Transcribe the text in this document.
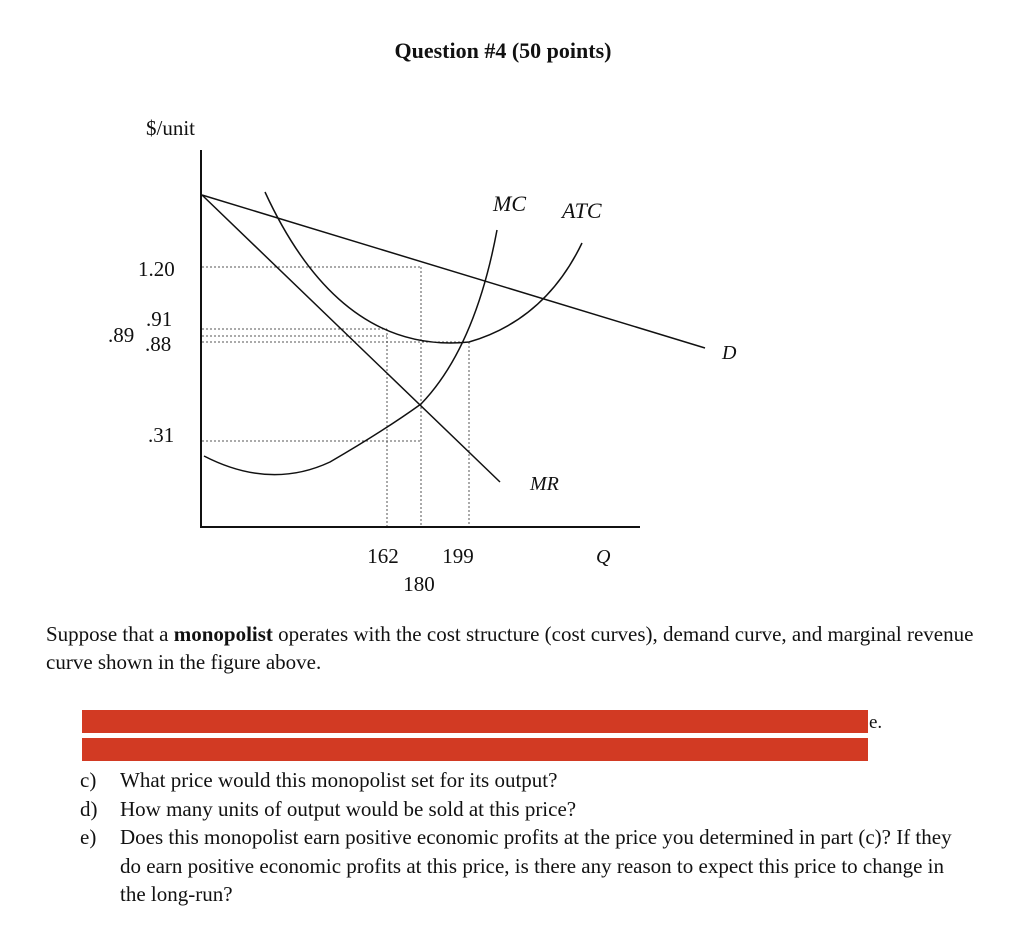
Question #4 (50 points)
$/unit
MC ATC
D
MR
Q
1.20
.91
.89 .88
.31
162
180
199

Suppose that a monopolist operates with the cost structure (cost curves), demand curve, and marginal revenue curve shown in the figure above.

e.
c)	What price would this monopolist set for its output?
d)	How many units of output would be sold at this price?
e)	Does this monopolist earn positive economic profits at the price you determined in part (c)? If they do earn positive economic profits at this price, is there any reason to expect this price to change in the long-run?
